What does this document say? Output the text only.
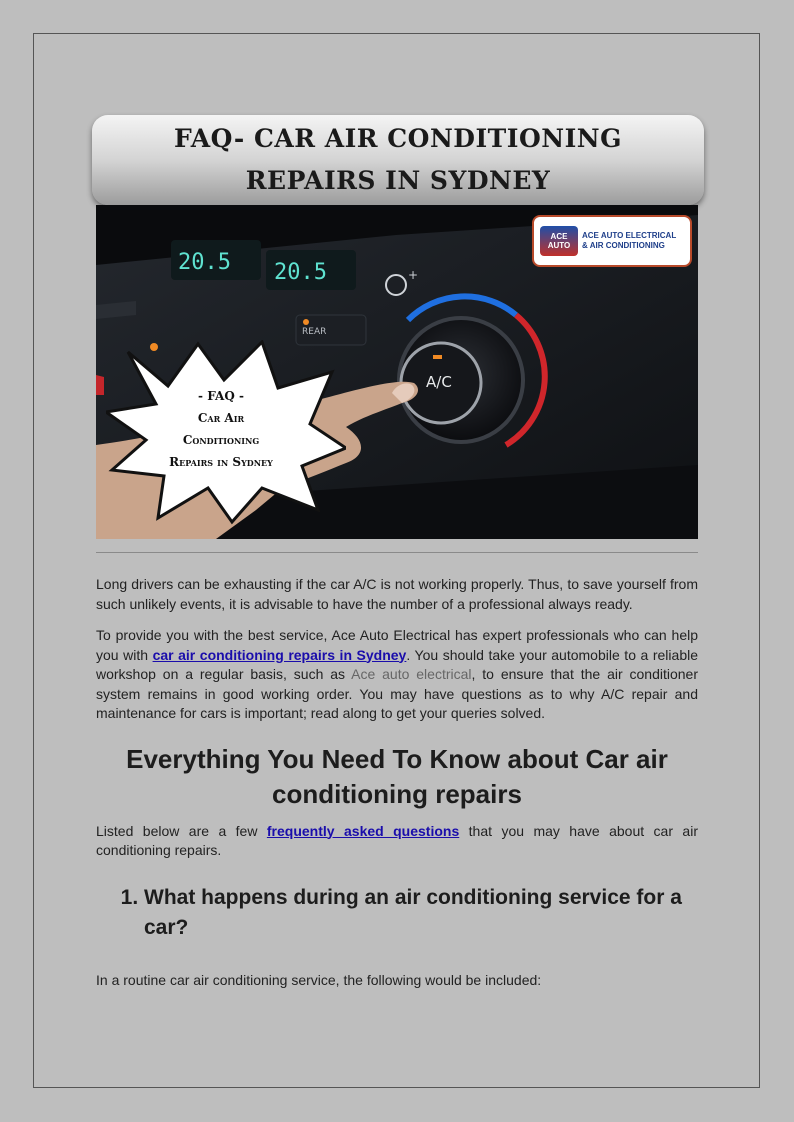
FAQ- CAR AIR CONDITIONING REPAIRS IN SYDNEY
20.5 20.5	+
REAR
A/C
ACE AUTO
ACE AUTO ELECTRICAL
& AIR CONDITIONING
- FAQ -
Car Air
Conditioning
Repairs in Sydney

Long drivers can be exhausting if the car A/C is not working properly. Thus, to save yourself from such unlikely events, it is advisable to have the number of a professional always ready.

To provide you with the best service, Ace Auto Electrical has expert professionals who can help you with car air conditioning repairs in Sydney. You should take your automobile to a reliable workshop on a regular basis, such as Ace auto electrical, to ensure that the air conditioner system remains in good working order. You may have questions as to why A/C repair and maintenance for cars is important; read along to get your queries solved.

Everything You Need To Know about Car air conditioning repairs

Listed below are a few frequently asked questions that you may have about car air conditioning repairs.

1. What happens during an air conditioning service for a car?

In a routine car air conditioning service, the following would be included:
